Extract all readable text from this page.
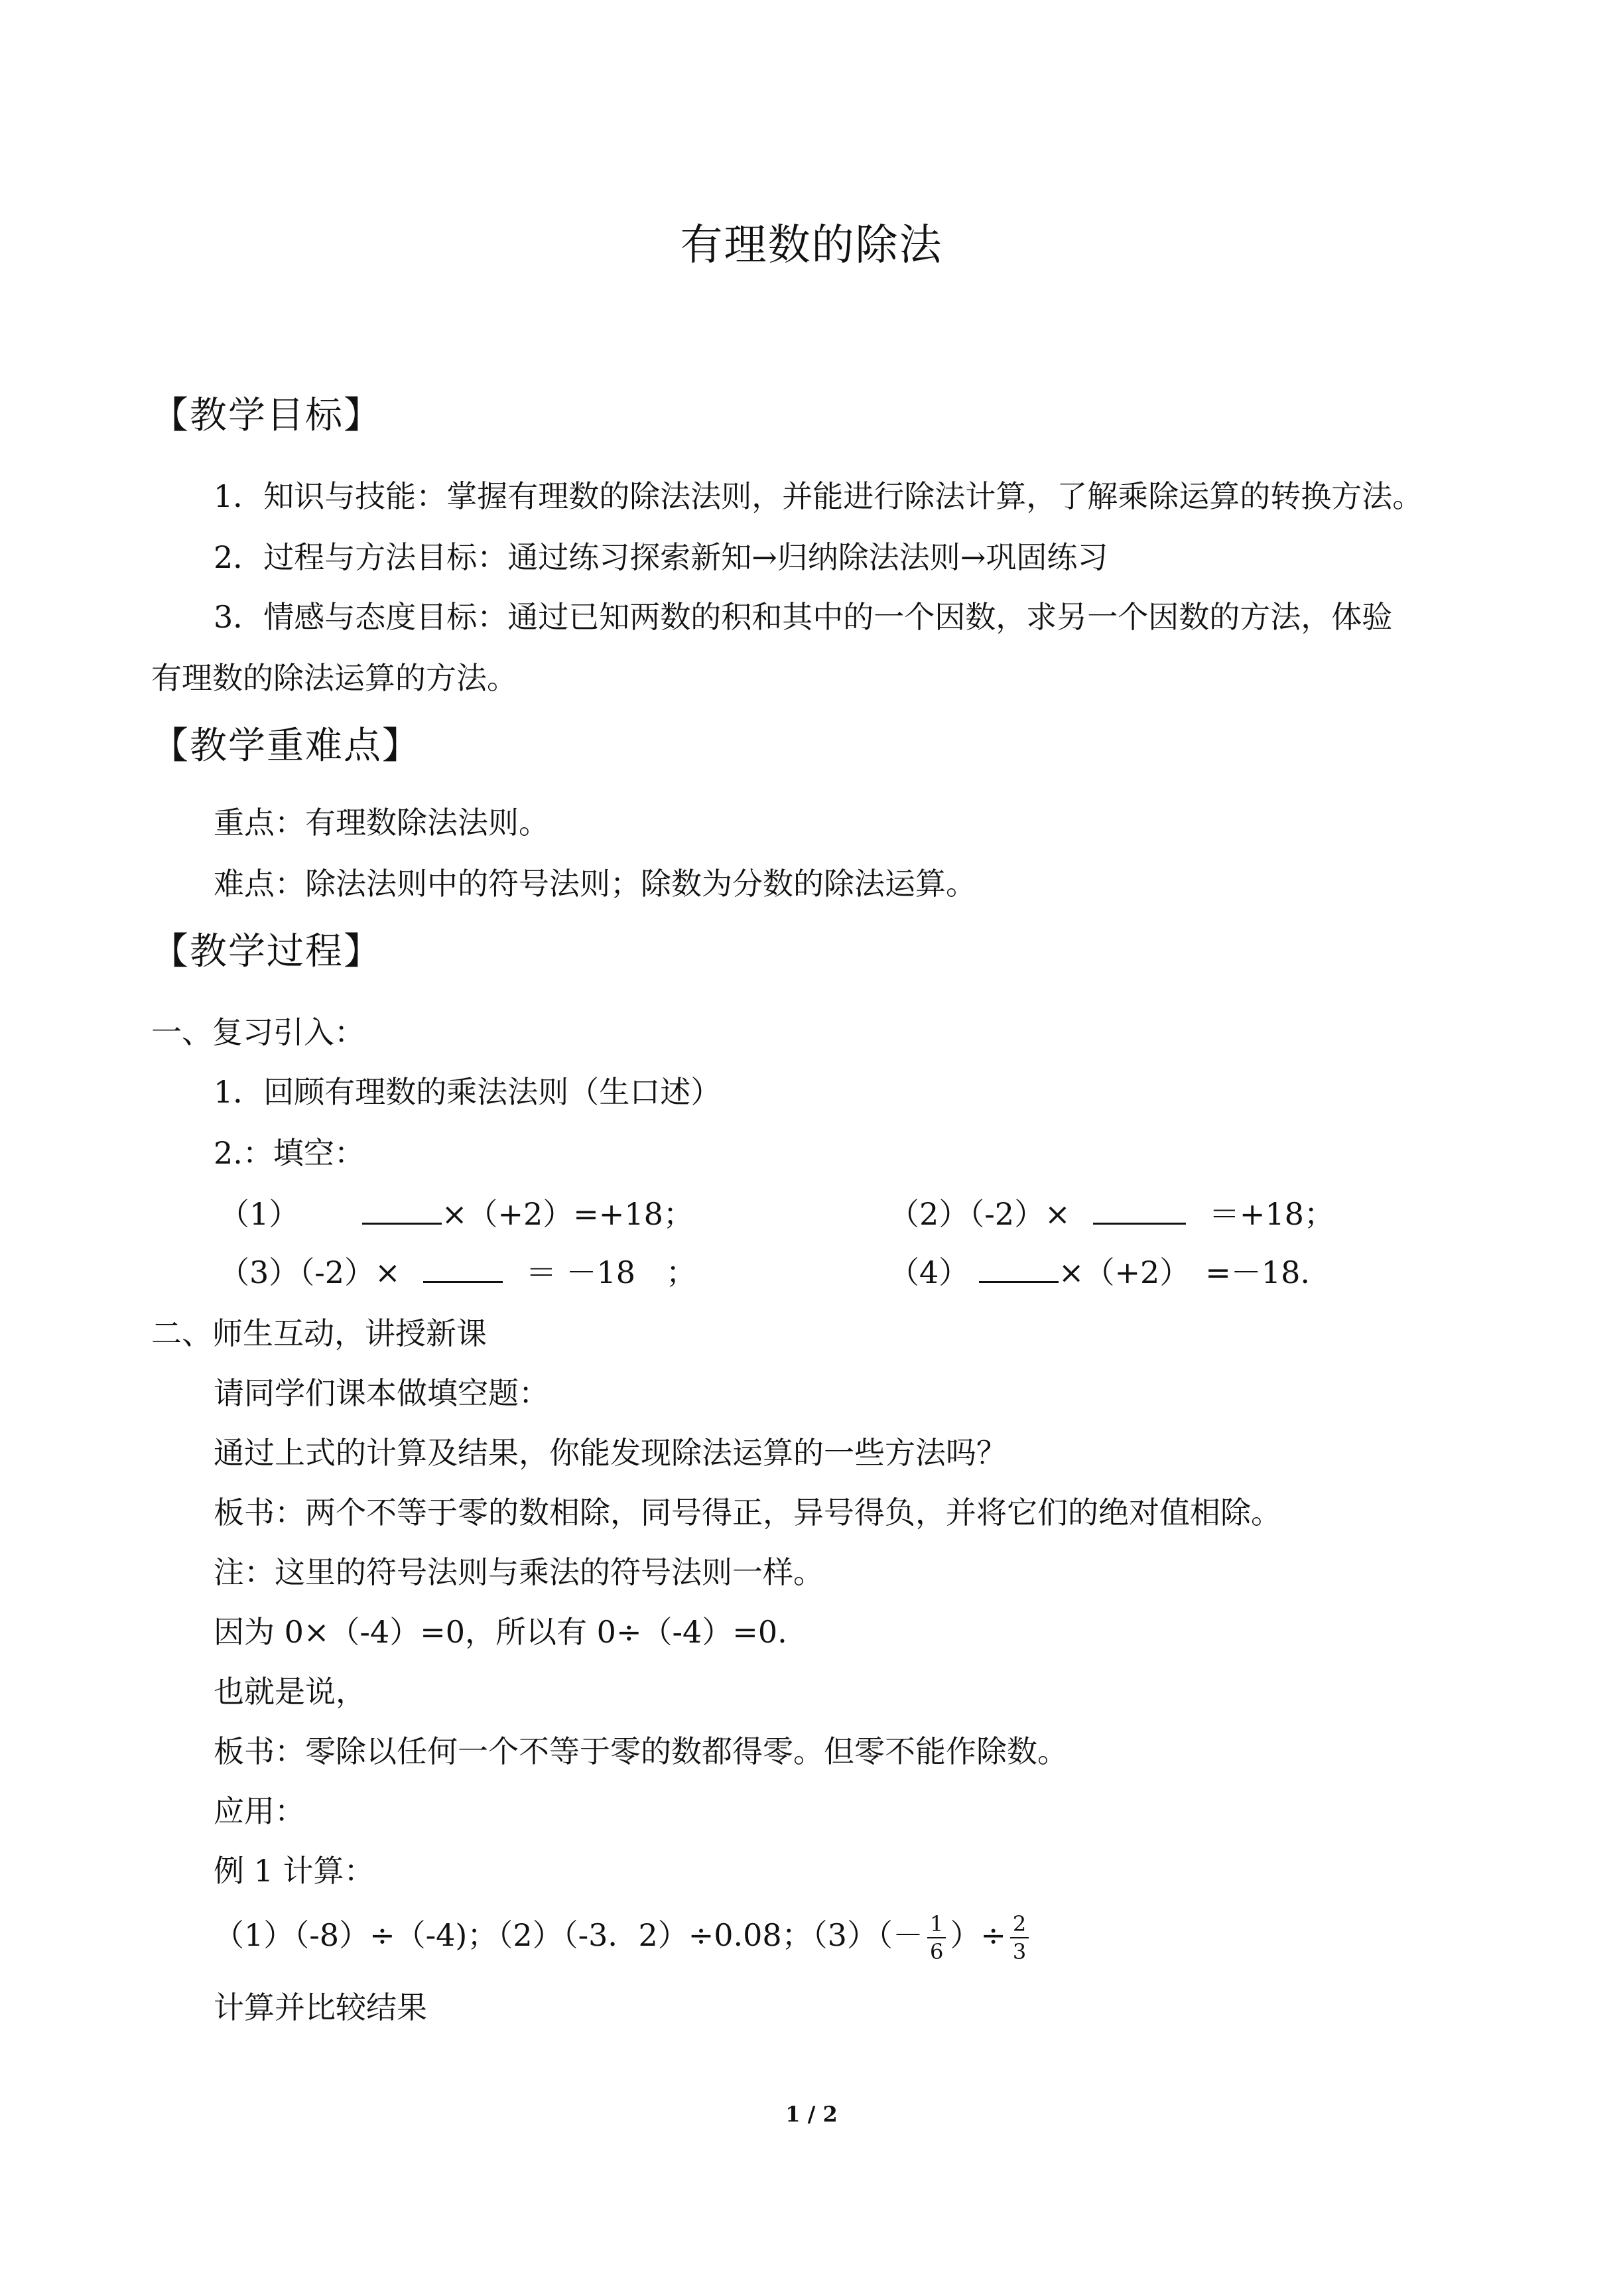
有理数的除法
【教学目标】
1．知识与技能：掌握有理数的除法法则，并能进行除法计算，了解乘除运算的转换方法。
2．过程与方法目标：通过练习探索新知→归纳除法法则→巩固练习
3．情感与态度目标：通过已知两数的积和其中的一个因数，求另一个因数的方法，体验
有理数的除法运算的方法。
【教学重难点】
重点：有理数除法法则。
难点：除法法则中的符号法则；除数为分数的除法运算。
【教学过程】
一、复习引入：
1．回顾有理数的乘法法则（生口述）
2.：填空：
（1）	×（+2）=+18；	（2）（-2）×	＝+18；
（3）（-2）×	＝ －18　；	（4）	×（+2）　=－18.
二、师生互动，讲授新课
请同学们课本做填空题：
通过上式的计算及结果，你能发现除法运算的一些方法吗？
板书：两个不等于零的数相除，同号得正，异号得负，并将它们的绝对值相除。
注：这里的符号法则与乘法的符号法则一样。
因为 0×（-4）=0，所以有 0÷（-4）=0.
也就是说，
板书：零除以任何一个不等于零的数都得零。但零不能作除数。
应用：
例 1 计算：
（1）（-8）÷（-4)；（2）（-3．2）÷0.08；$(3)(- \frac{1}{6}$ ）÷ $\frac{2}{3}$
计算并比较结果
1 / 2
